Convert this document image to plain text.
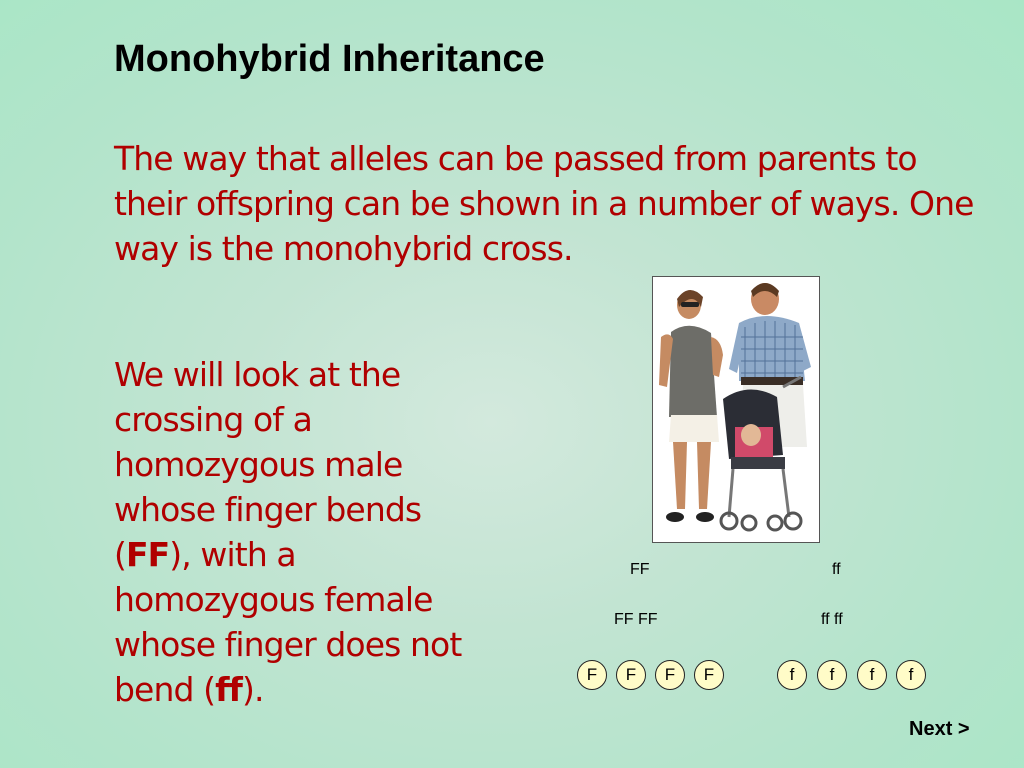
Monohybrid Inheritance
The way that alleles can be passed from parents to their offspring can be shown in a number of ways. One way is the monohybrid cross.
We will look at the crossing of a homozygous male whose finger bends (FF), with a homozygous female whose finger does not bend (ff).
FF	ff
FF FF	ff ff
F	F	F	F	f	f	f	f
Next >
